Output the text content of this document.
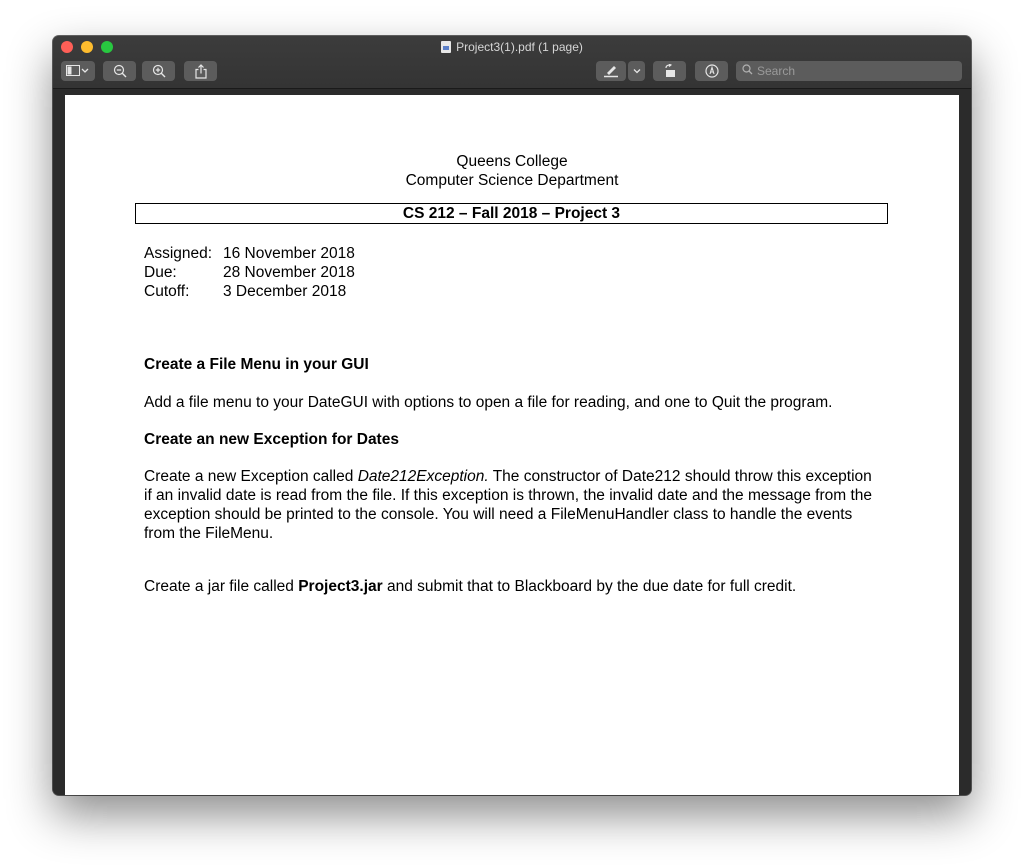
Project3(1).pdf (1 page)
Search
Queens College
Computer Science Department
CS 212 – Fall 2018 – Project 3
Assigned: 16 November 2018
Due:	28 November 2018
Cutoff: 3 December 2018
Create a File Menu in your GUI
Add a file menu to your DateGUI with options to open a file for reading, and one to Quit the program.
Create an new Exception for Dates
Create a new Exception called Date212Exception. The constructor of Date212 should throw this exception if an invalid date is read from the file. If this exception is thrown, the invalid date and the message from the exception should be printed to the console. You will need a FileMenuHandler class to handle the events from the FileMenu.
Create a jar file called Project3.jar and submit that to Blackboard by the due date for full credit.
